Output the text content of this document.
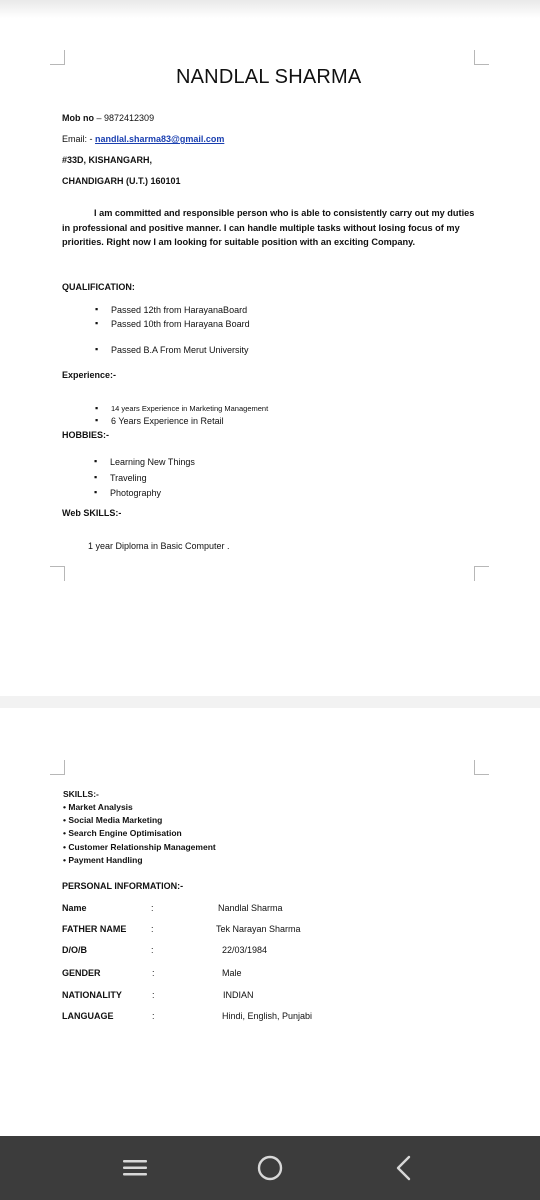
NANDLAL SHARMA
Mob no – 9872412309
Email: - nandlal.sharma83@gmail.com
#33D, KISHANGARH,
CHANDIGARH (U.T.) 160101
I am committed and responsible person who is able to consistently carry out my duties in professional and positive manner. I can handle multiple tasks without losing focus of my priorities. Right now I am looking for suitable position with an exciting Company.
QUALIFICATION:
▪ Passed 12th from HarayanaBoard
▪ Passed 10th from Harayana Board
▪ Passed B.A From Merut University
Experience:-
▪ 14 years Experience in Marketing Management
▪ 6 Years Experience in Retail
HOBBIES:-
▪ Learning New Things
▪ Traveling
▪ Photography
Web SKILLS:-
1 year Diploma in Basic Computer .
SKILLS:-
• Market Analysis
• Social Media Marketing
• Search Engine Optimisation
• Customer Relationship Management
• Payment Handling
PERSONAL INFORMATION:-
Name	:	Nandlal Sharma
FATHER NAME	:	Tek Narayan Sharma
D/O/B	:	22/03/1984
GENDER	:	Male
NATIONALITY	:	INDIAN
LANGUAGE	:	Hindi, English, Punjabi
